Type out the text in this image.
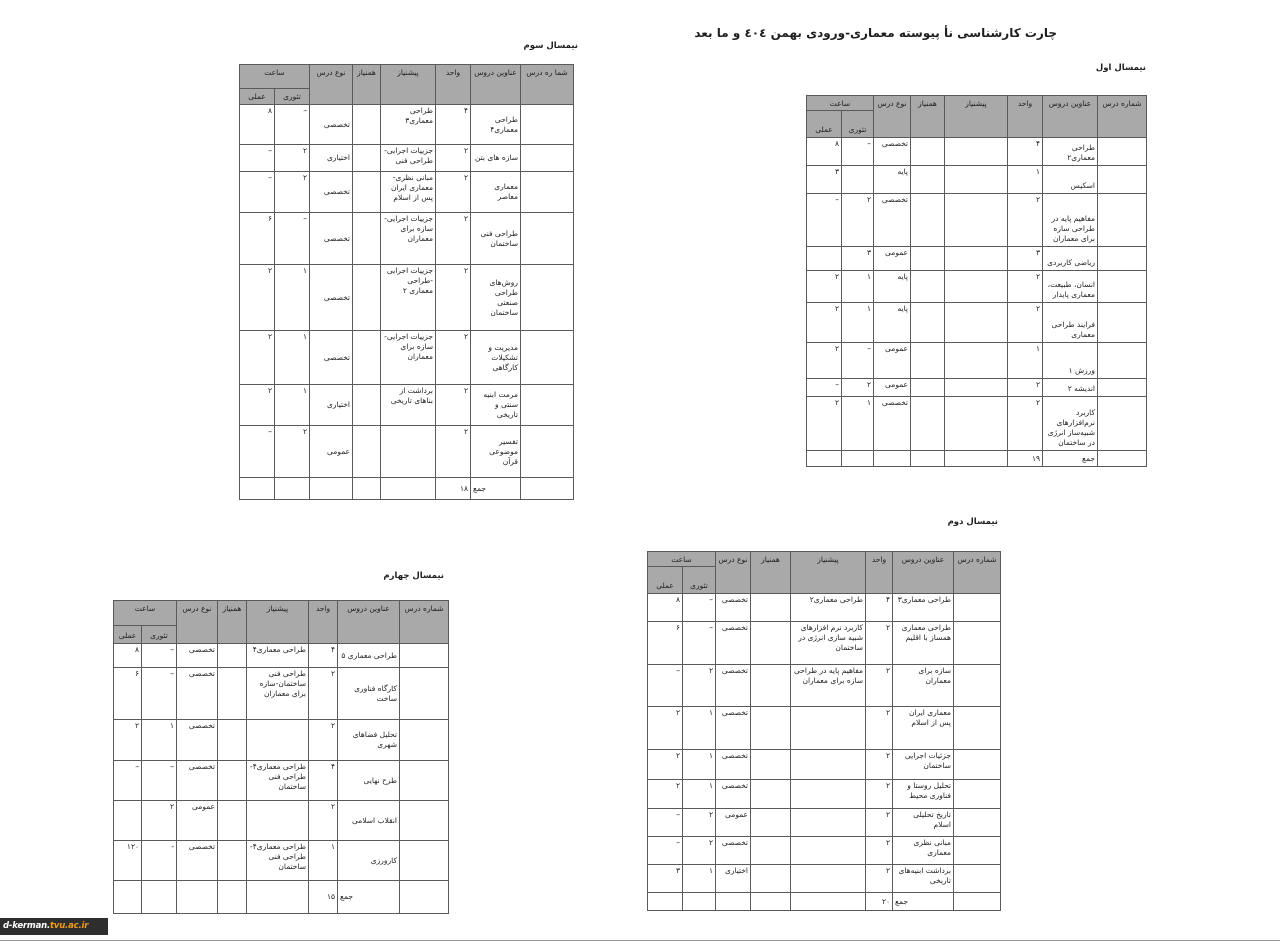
چارت کارشناسی نأ پیوسته معماری-ورودی بهمن ٤٠٤ و ما بعد
نیمسال اول
شماره درس	عناوین دروس	واحد	پیشنیاز	همنیاز	نوع درس	ساعت	
						تئوری	عملی
	طراحی معماری۲	۴			تخصصی	–	۸
	اسکیس	۱			پایه		۳
	مفاهیم پایه در طراحی سازه برای معماران	۲			تخصصی	۲	–
	ریاضی کاربردی	۳			عمومی	۳	
	انسان، طبیعت، معماری پایدار	۲			پایه	۱	۲
	فرایند طراحی معماری	۲			پایه	۱	۲
	ورزش ۱	۱			عمومی	–	۲
	اندیشه ۲	۲			عمومی	۲	–
	کاربرد نرم‌افزارهای شبیه‌ساز انرژی در ساختمان	۲			تخصصی	۱	۲
	جمع	۱۹					
نیمسال دوم
شماره درس	عناوین دروس	واحد	پیشنیاز	همنیاز	نوع درس	ساعت	
						تئوری	عملی
	طراحی معماری۳	۴	طراحی معماری۲		تخصصی	–	۸
	طراحی معماری همساز با اقلیم	۲	کاربرد نرم افزارهای شبیه سازی انرژی در ساختمان		تخصصی	–	۶
	سازه برای معماران	۲	مفاهیم پایه در طراحی سازه برای معماران		تخصصی	۲	–
	معماری ایران پس از اسلام	۲			تخصصی	۱	۲
	جزئیات اجرایی ساختمان	۲			تخصصی	۱	۲
	تحلیل روستا و فناوری محیط	۲			تخصصی	۱	۲
	تاریخ تحلیلی اسلام	۲			عمومی	۲	–
	مبانی نظری معماری	۲			تخصصی	۲	–
	برداشت ابنیه‌های تاریخی	۲			اختیاری	۱	۳
	جمع	۲۰					
نیمسال سوم
شما ره درس	عناوین دروس	واحد	پیشنیاز	همنیاز	نوع درس	ساعت	
						تئوری	عملی
	طراحی معماری۴	۴	طراحی معماری۳		تخصصی	–	۸
	سازه های بتن	۲	جزییات اجرایی- طراحی فنی		اختیاری	۲	–
	معماری معاصر	۲	مبانی نظری- معماری ایران پس از اسلام		تخصصی	۲	–
	طراحی فنی ساختمان	۲	جزییات اجرایی- سازه برای معماران		تخصصی	–	۶
	روش‌های طراحی صنعتی ساختمان	۲	جزییات اجرایی -طراحی معماری ۲		تخصصی	۱	۲
	مدیریت و تشکیلات کارگاهی	۲	جزییات اجرایی- سازه برای معماران		تخصصی	۱	۲
	مرمت ابنیه سنتی و تاریخی	۲	برداشت از بناهای تاریخی		اختیاری	۱	۲
	تفسیر موضوعی قرآن	۲			عمومی	۲	–
	جمع	۱۸					
نیمسال چهارم
شماره درس	عناوین دروس	واحد	پیشنیاز	همنیاز	نوع درس	ساعت	
						تئوری	عملی
	طراحی معماری ۵	۴	طراحی معماری۴		تخصصی	–	۸
	کارگاه فناوری ساخت	۲	طراحی فنی ساختمان-سازه برای معماران		تخصصی	–	۶
	تحلیل فضاهای شهری	۲			تخصصی	۱	۲
	طرح نهایی	۴	طراحی معماری۴- طراحی فنی ساختمان		تخصصی	–	–
	انقلاب اسلامی	۲			عمومی	۲	
	کارورزی	۱	طراحی معماری۴- طراحی فنی ساختمان		تخصصی	-	۱۲۰
	جمع	۱۵					
d-kerman.tvu.ac.ir
